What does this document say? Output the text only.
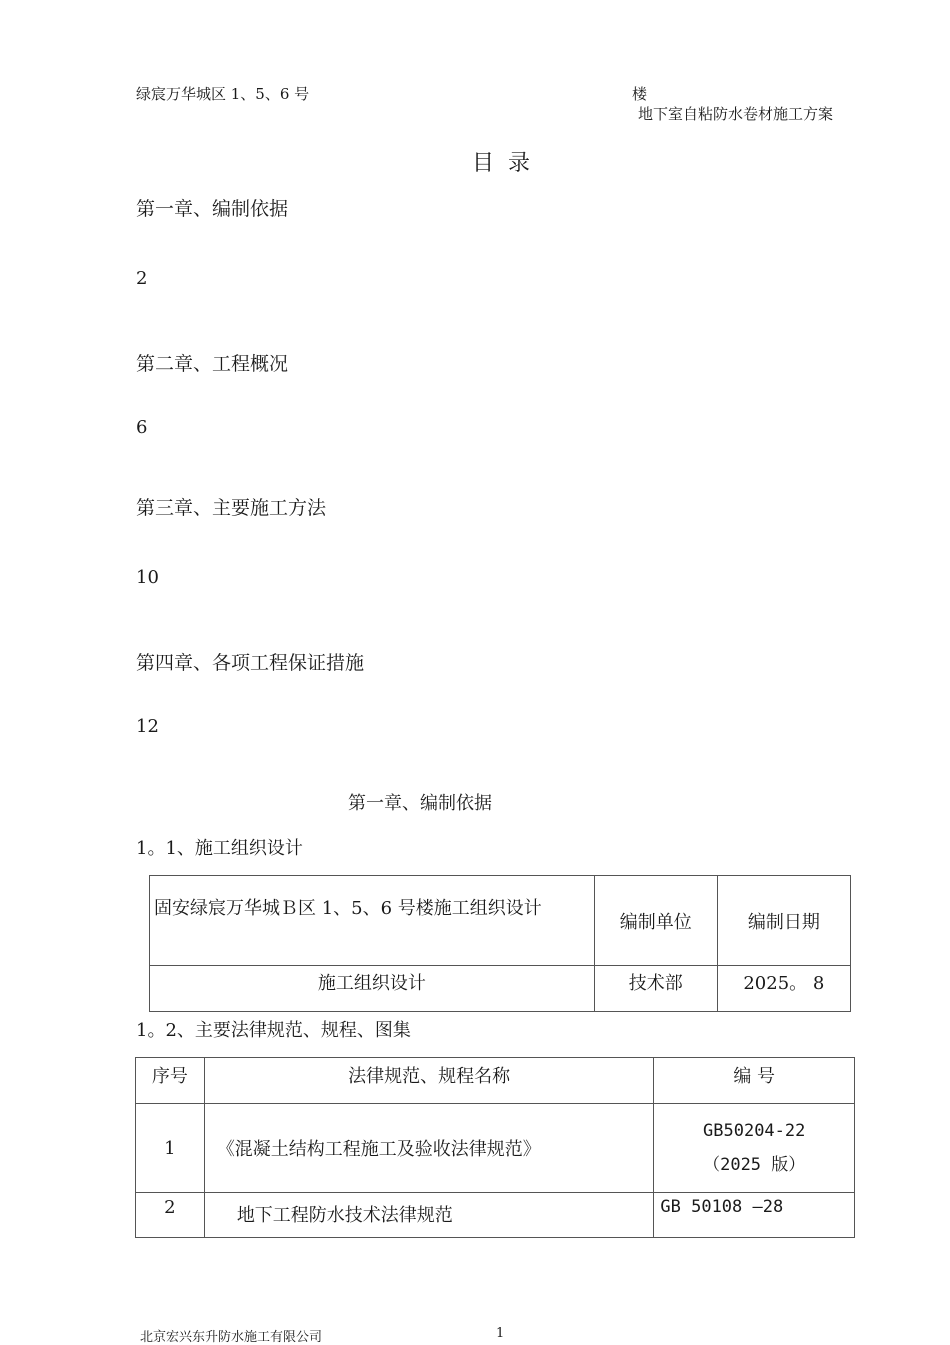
绿宸万华城区 1、5、6 号	楼
地下室自粘防水卷材施工方案
目录
第一章、编制依据
2
第二章、工程概况
6
第三章、主要施工方法
10
第四章、各项工程保证措施
12
第一章、编制依据
1。1、施工组织设计
固安绿宸万华城Ｂ区 1、5、6 号楼施工组织设计	编制单位	编制日期
施工组织设计	技术部	2025。 8
1。2、主要法律规范、规程、图集
序号	法律规范、规程名称	编 号
1	《混凝土结构工程施工及验收法律规范》	GB50204-22
（2025 版）

2	地下工程防水技术法律规范	GB 50108 —28
北京宏兴东升防水施工有限公司	1
